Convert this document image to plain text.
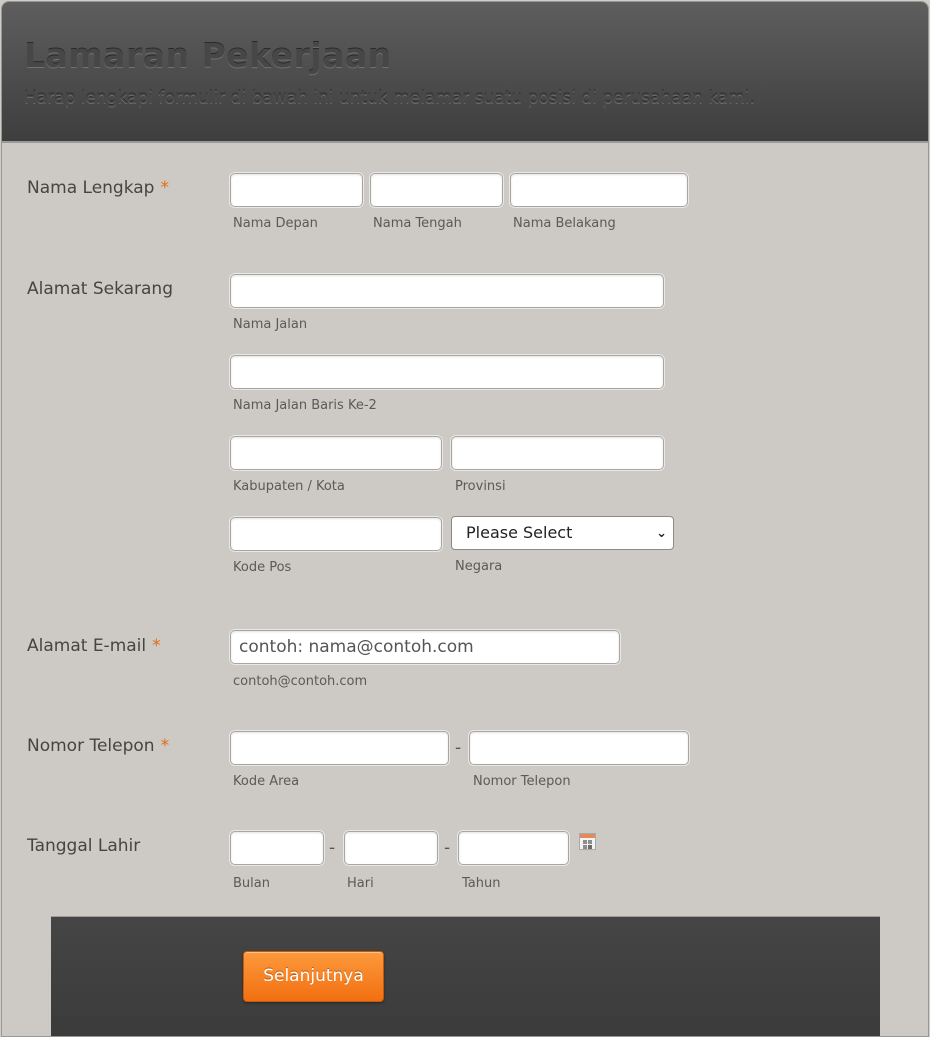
Lamaran Pekerjaan
Harap lengkapi formulir di bawah ini untuk melamar suatu posisi di perusahaan kami.
Nama Lengkap *
Nama Depan	Nama Tengah	Nama Belakang
Alamat Sekarang
Nama Jalan
Nama Jalan Baris Ke-2
Kabupaten / Kota	Provinsi
Please Select	⌄
Kode Pos	Negara
Alamat E-mail *	contoh: nama@contoh.com
contoh@contoh.com
Nomor Telepon *	-
Kode Area	Nomor Telepon
Tanggal Lahir	-	-
Bulan	Hari	Tahun
Selanjutnya
